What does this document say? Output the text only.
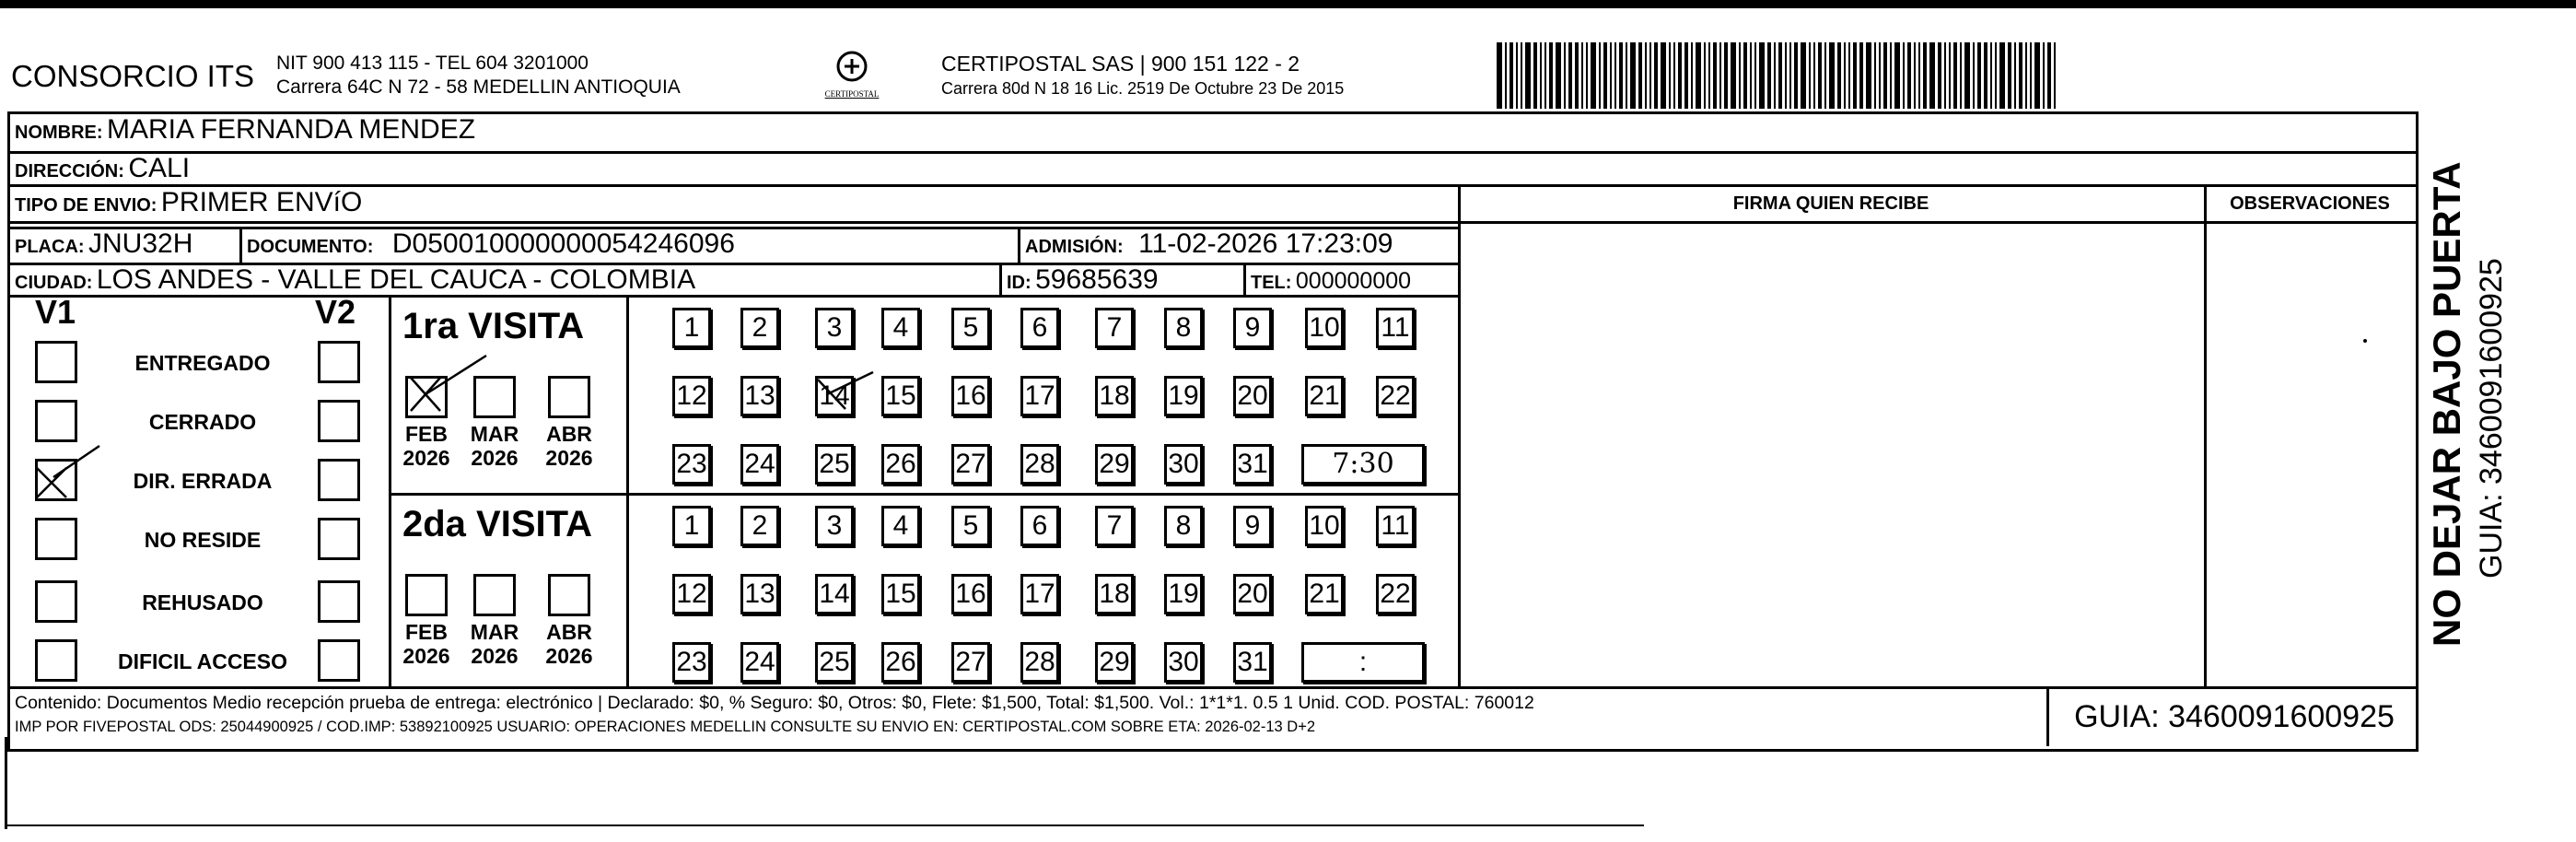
CONSORCIO ITS NIT 900 413 115 - TEL 604 3201000
Carrera 64C N 72 - 58 MEDELLIN ANTIOQUIA	CERTIPOSTAL
CERTIPOSTAL SAS | 900 151 122 - 2
Carrera 80d N 18 16 Lic. 2519 De Octubre 23 De 2015
NOMBRE: MARIA FERNANDA MENDEZ
DIRECCIÓN: CALI
TIPO DE ENVIO: PRIMER ENVíO	FIRMA QUIEN RECIBE	OBSERVACIONES
PLACA: JNU32H	DOCUMENTO: D050010000000054246096	ADMISIÓN: 11-02-2026 17:23:09
CIUDAD: LOS ANDES - VALLE DEL CAUCA - COLOMBIA	ID: 59685639	TEL: 000000000
V1	V2
ENTREGADO
CERRADO
DIR. ERRADA
NO RESIDE
REHUSADO
DIFICIL ACCESO
1ra VISITA
FEB
2026
MAR
2026
ABR
2026
1	2	3	4	5	6	7	8	9	10 11
12 13 14 15 16 17 18 19 20 21 22
23 24 25 26 27 28 29 30 31	7:30
2da VISITA
FEB
2026
MAR
2026
ABR
2026
1	2	3	4	5	6	7	8	9	10 11
12 13 14 15 16 17 18 19 20 21 22
23 24 25 26 27 28 29 30 31	:
Contenido: Documentos Medio recepción prueba de entrega: electrónico | Declarado: $0, % Seguro: $0, Otros: $0, Flete: $1,500, Total: $1,500. Vol.: 1*1*1. 0.5 1 Unid. COD. POSTAL: 760012
IMP POR FIVEPOSTAL ODS: 25044900925 / COD.IMP: 53892100925 USUARIO: OPERACIONES MEDELLIN CONSULTE SU ENVIO EN: CERTIPOSTAL.COM SOBRE ETA: 2026-02-13 D+2	GUIA: 3460091600925
NO DEJAR BAJO PUERTA GUIA: 3460091600925
